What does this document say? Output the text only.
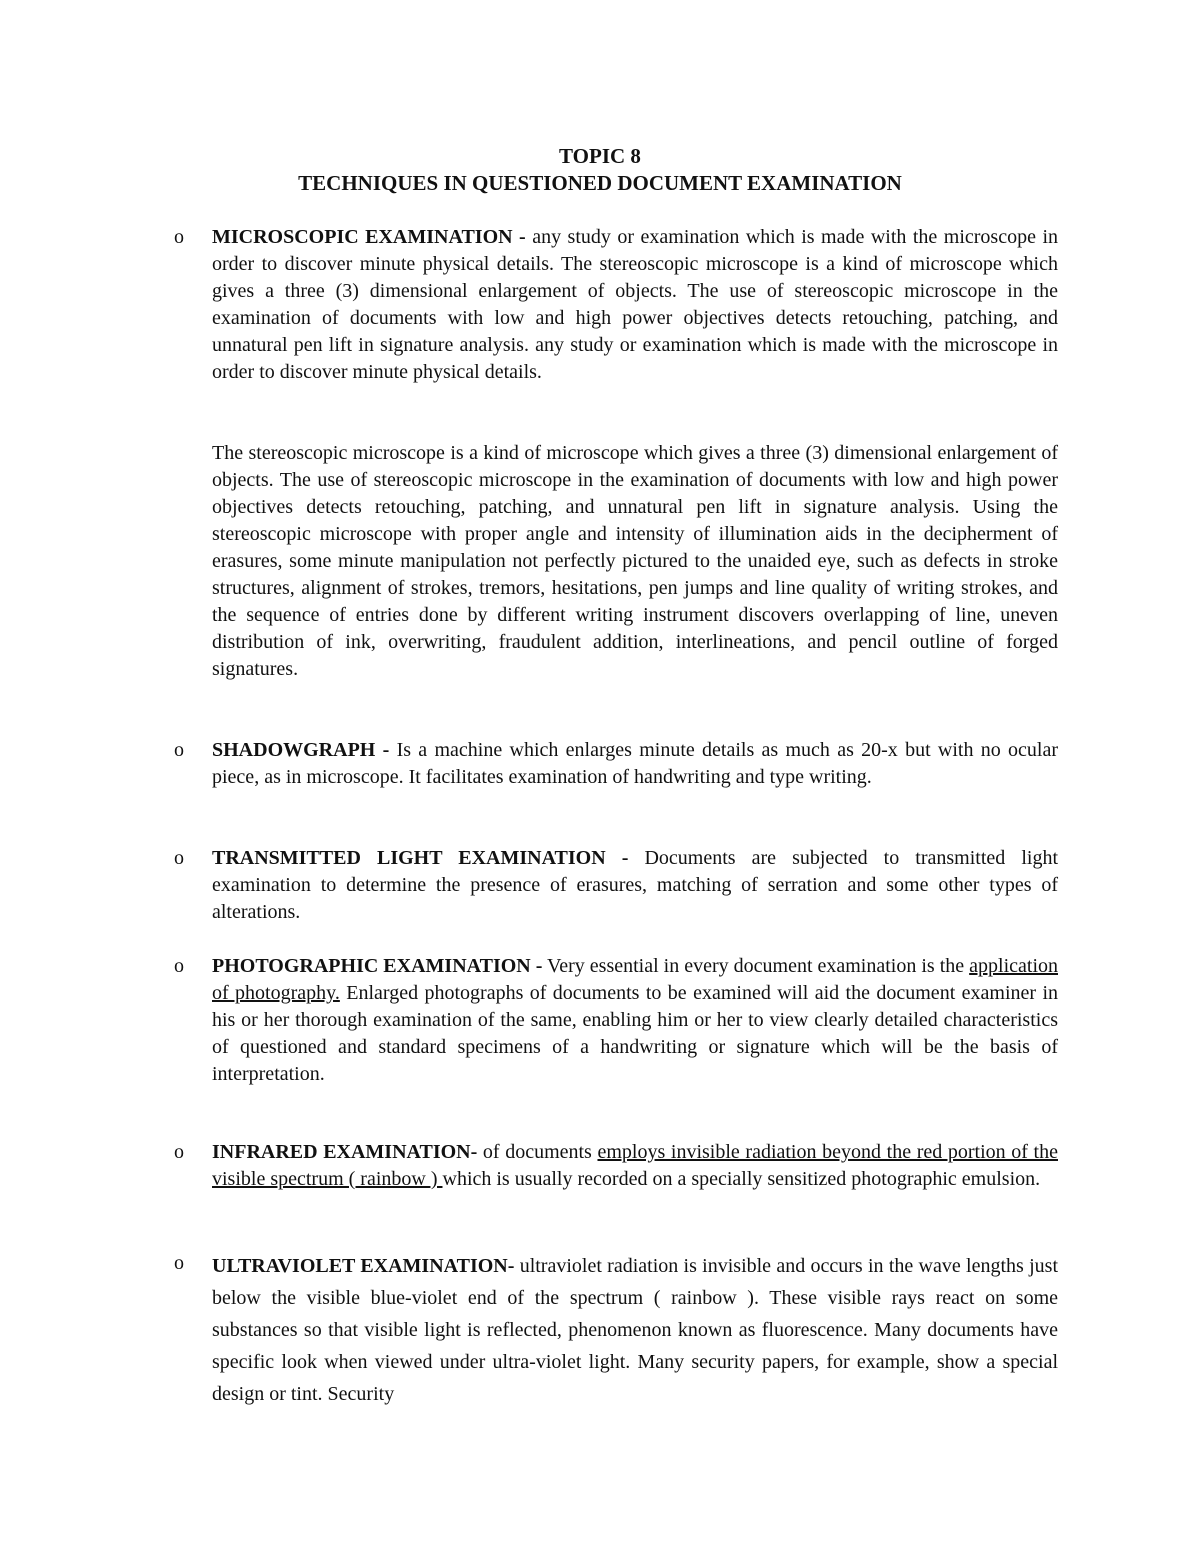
TOPIC 8
TECHNIQUES IN QUESTIONED DOCUMENT EXAMINATION
o MICROSCOPIC EXAMINATION - any study or examination which is made with the microscope in order to discover minute physical details. The stereoscopic microscope is a kind of microscope which gives a three (3) dimensional enlargement of objects. The use of stereoscopic microscope in the examination of documents with low and high power objectives detects retouching, patching, and unnatural pen lift in signature analysis. any study or examination which is made with the microscope in order to discover minute physical details.
The stereoscopic microscope is a kind of microscope which gives a three (3) dimensional enlargement of objects. The use of stereoscopic microscope in the examination of documents with low and high power objectives detects retouching, patching, and unnatural pen lift in signature analysis. Using the stereoscopic microscope with proper angle and intensity of illumination aids in the decipherment of erasures, some minute manipulation not perfectly pictured to the unaided eye, such as defects in stroke structures, alignment of strokes, tremors, hesitations, pen jumps and line quality of writing strokes, and the sequence of entries done by different writing instrument discovers overlapping of line, uneven distribution of ink, overwriting, fraudulent addition, interlineations, and pencil outline of forged signatures.
o SHADOWGRAPH - Is a machine which enlarges minute details as much as 20-x but with no ocular piece, as in microscope. It facilitates examination of handwriting and type writing.
o TRANSMITTED LIGHT EXAMINATION - Documents are subjected to transmitted light examination to determine the presence of erasures, matching of serration and some other types of alterations.
o PHOTOGRAPHIC EXAMINATION - Very essential in every document examination is the application of photography. Enlarged photographs of documents to be examined will aid the document examiner in his or her thorough examination of the same, enabling him or her to view clearly detailed characteristics of questioned and standard specimens of a handwriting or signature which will be the basis of interpretation.
o INFRARED EXAMINATION- of documents employs invisible radiation beyond the red portion of the visible spectrum ( rainbow ) which is usually recorded on a specially sensitized photographic emulsion.
o ULTRAVIOLET EXAMINATION- ultraviolet radiation is invisible and occurs in the wave lengths just below the visible blue-violet end of the spectrum ( rainbow ). These visible rays react on some substances so that visible light is reflected, phenomenon known as fluorescence. Many documents have specific look when viewed under ultra-violet light. Many security papers, for example, show a special design or tint. Security
